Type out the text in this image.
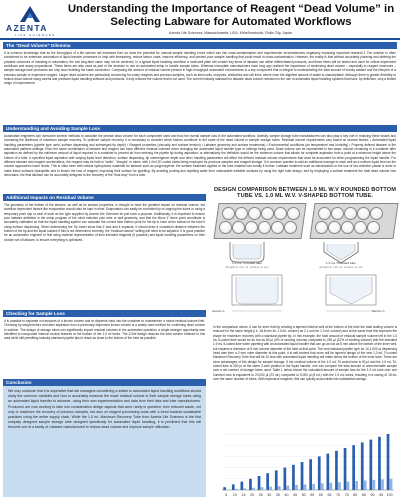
AZENTA
LIFE SCIENCES
Understanding the Importance of Reagent “Dead Volume” in Selecting Labware for Automated Workflows
Azenta Life Sciences, Massachusetts, USA. Kirkefloreboick, Rolle City, Japan.
The “Dead Volume” Dilemma

It is common knowledge that as the throughput of a life science lab increases then so does the potential for manual sample handling errors which can risk cross-contamination and experimenter inconsistencies negatively impacting important research.1 The solution is often considered to be extensive automation of liquid transfer processes to help with timesaving, reduce labour costs, improve efficiency, and prevent poor sample handling that could result in cross-contamination. However, the reality is that without accurately planning and defining the possible outcomes of investing in automation, the lost long-term value may not be achieved. In a typical liquid handling workflow, a multi-well plate will contain key items of labware use within differentiated protocols, and these items will be tested and used for critical experiment workflows and assay preparations. These items are also used as part of the decision to use an automated setup to handle sample tubes. Whereas microplate manufacturers have long ago realized the importance of minimizing dead volume – especially in reagent reservoirs – sample storage tube producers are only now revisiting the same conclusion. Comparing the amount of residual volume present in high-throughput automated environments is a key component that is integral to understanding the total amount of money wasted and the lifecycle of a precious sample or expensive reagent. Larger dead volumes are particularly concerning for costly reagents and precious samples, such as stem cells, enzymes, antibodies and cell lines, where even the slightest amount of waste is unacceptable. Although there is greater flexibility to reduce dead volume using careful and precision liquid handling software and protocols, it only reduces the volume that is not used. The current industry standard for labware dead volume reduction is the use of automated liquid handling systems that have, by definition, only a limited range of improvement.

Understanding and Avoiding Sample Loss

Automation engineers can overcome several methods to calculate the precise dead volume for each component used and thus the overall sample loss in the automated workflow. Usefully, sample storage tube manufacturers can also play a key role in reducing these losses and increasing the likelihood of maximum sample recovery. To optimize sample recovery, it is necessary to consider which factors contribute to the scale of the dead volume in sample storage tubes. Residual volume requirements vary based on several factors: • Automated liquid handling parameters (pipette type used, surface dispensing and submerged tip depth) • Reagent properties (viscosity and surface tension) • Labware geometry and surface treatments) • Environmental conditions (air temperature and humidity) • Properly defined labware in the automated platform settings. Even the same combination of labware and reagent can have different residual volumes when changing the automated liquid handler type or settings being used. Dead volume can be represented in two ways: volume remaining in a container after aspiration as defined by the minimum amount of liquid required in a container to prevent air from entering the pipette tip during aspiration; or alternatively the definition would be the minimum volume that allows for complete aspiration from a point at a minimum height above the bottom of a tube. A specified liquid aspiration with varying liquid level detection, surface dispensing, tip submergence depth and other handling parameters will affect the defined residual volume requirements that must be accounted for when programming the liquid handler. For different labware and reagent combinations, the reagent may be held in “wells”, “troughs” or tubes, with 1.0ml 2D coded tubes being employed for precious samples and reagent storage. It is common practice to add an additional overage to each well as a uniform liquid level as the volume approaches lower levels. This is often seen with natural hydrophobic materials for labware such as polypropylene; the surface treatment applied to the tube material can modify it further. Labware treatment such as siliconization or the use of low-retention plastic is done to make these surfaces hydrophilic and to lessen the loss of reagent, improving their surface for pipetting. By avoiding pooling and repelling water from unfavorable wettable surfaces by using the right tube design, and by employing a surface treatment the total dead volume loss decreases, the final labware can be accurately designed to the recovery of the “final drop” from a tube.

Additional Impacts on Residual Volume

The geometry of the bottom of the sleeves, as well as its surface properties, is thought to have the greatest impact on residual volume, but workflow dependent factors like evaporation should also be kept in mind. Evaporation can easily be controlled by re-capping the tubes or using a temporary push cap or seal of such as the type supplied by Azenta Life Sciences for just such a purpose. Additionally, it is important to ensure your labware definition in the setup program of the robot matches your tube or well geometry, and that the Move Z home point coordinate is accurately calibrated so that the liquid handling system can calculate the correct tube bottom point for the tip to have at the bottom of the tube if using surface dispensing. When determining the Tip travel show that Z axis and it expands, it should keep a consistent distance between the bottom of the tip and the liquid surface if this is not determined correctly, the “residual volume” setting will need to be adjusted. It is good practice for an automation engineer to test using material representative of their intended reagents (if possible) and liquid handling parameters on their chosen set of labware, to ensure everything is optimized.

Checking for Sample Loss

It is possible to separate out amounts of a known volume and re-dispense back into the container to characterize a robust residual volume limit. Checking by weight before and after aspiration from a previously dispensed known volume is a widely used method for confirming dead volume in solution. The design of storage tubes can significantly impact residual volumes in the automated operation, a single-stranger opportunity was identified to incorporate internal conical features at the bottom of the 1.0 ml tubes. The 2.0ml design reduces the total volume retained in this area while still permitting industry-standard pipette tips to reach as close to the bottom of the tube as possible.

Conclusion

We may conclude that it is imperative that lab managers considering a switch to automated liquid handling workflows should study the common variables and how to accurately measure the exact residual volume in their sample storage tubes using an automated liquid transfer to advance, using their own experimentation and data from their labs and tube manufacturers. Producers are now working to take into consideration design aspects that were rarely in question; from reduced waste, not only to maximize the recovery of precious samples, but also on reagent purchasing costs with a trend towards sustainable practices using the entire supply chain. While the 1.0 mL Maximum Recovery Tube from Azenta Life Sciences is the first uniquely designed sample storage tube designed specifically for automated liquid handling, it is predicted that this will become one of a family of Labware manufactured to reduce dead volume and improve sample utilization.

DESIGN COMPARISON BETWEEN 1.9 ML W.V ROUNDED BOTTOM TUBE VS. 1.0 ML W.V. V-SHAPED BOTTOM TUBE.
1.9 mL Tri-coded tube
(height in mm vs. volume in µL)
1.0 mL Tri-coded tube
(height in mm vs. volume in µL)
Section A	Section A

In the comparison above, it can be seen that by creating a tapered internal well at the bottom of the tube the total waiting volume is reduced for the same height (i.e. 18.8 mm for 1.0 mL volume) as 2.1 mm for 1.0 mL volume) and at the same time this improves the shape for maximum recovery with a standard pipette tip. In this example, the total amount of residual sample volume left in the 1.0 mL 8-coded tube would be as low as 80 µl (3% of working volume) compared to 250 µl (12% of working volume) with the standard 1.9 mL 9-coded tube when pipetting with an automated liquid handler that can go as low as 8 mm above the bottom of the inner well, but requires a minimum of 6 mm volume diameter of the tube at that point. The next standard pipette type for 10-1,000 µl dispensing head was then a 2 mm outer diameter at this point, it is self-evident that more will be tapered design of the new 1.0 mL Tri-coded Maximum Recovery Tube that will be 10 less with automated liquid handling will retain below the bottom of the inner tube. There are clear advantages of this design for sample storage. If the residual volume of the 1.0 mL Tri-coded tube is 50 µl and the 1.9 mL Tri-coded tube is 250 µl at the same Z-axis position in the liquid handler, one can compare the total amount of unrecoverable sample over a set number of storage tubes used. Table 1 below shows the calculated amount of sample loss for the 1.0 mL tube over one hundred runs is equivalent to 23,000 µl (23 mL) compared to 5,000 µl (5 mL) with the 1.0 mL tubes, resulting in a saving of 18 mL over the same number of tubes. With expensive reagents, this can quickly accumulate into substantial savings.

5 10 15 20 25 30 35 40 45 50 55 60 65 70 75 80 85 90 95 100
